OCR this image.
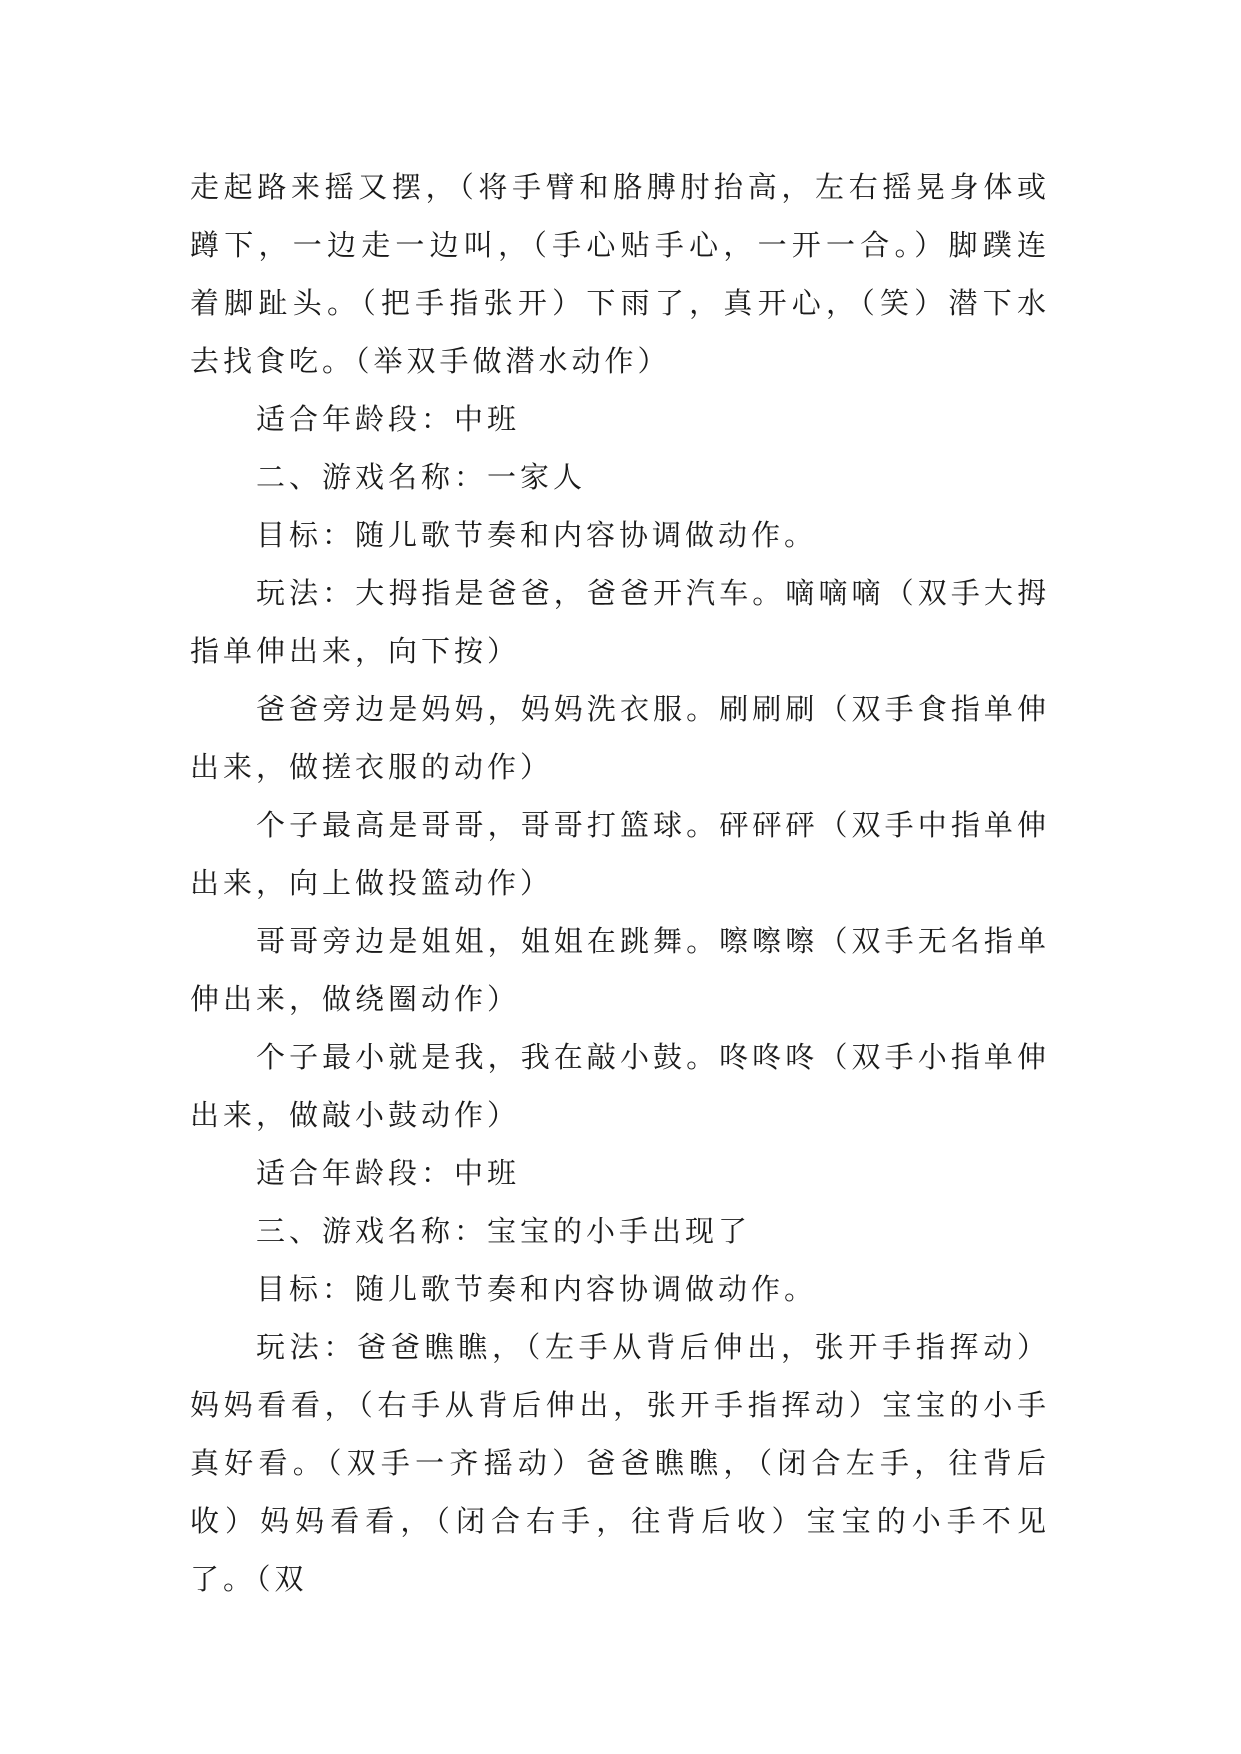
走起路来摇又摆，（将手臂和胳膊肘抬高，左右摇晃身体或蹲下，一边走一边叫，（手心贴手心，一开一合。）脚蹼连着脚趾头。（把手指张开）下雨了，真开心，（笑）潜下水去找食吃。（举双手做潜水动作）

适合年龄段：中班

二、游戏名称：一家人

目标：随儿歌节奏和内容协调做动作。

玩法：大拇指是爸爸，爸爸开汽车。嘀嘀嘀（双手大拇指单伸出来，向下按）

爸爸旁边是妈妈，妈妈洗衣服。刷刷刷（双手食指单伸出来，做搓衣服的动作）

个子最高是哥哥，哥哥打篮球。砰砰砰（双手中指单伸出来，向上做投篮动作）

哥哥旁边是姐姐，姐姐在跳舞。嚓嚓嚓（双手无名指单伸出来，做绕圈动作）

个子最小就是我，我在敲小鼓。咚咚咚（双手小指单伸出来，做敲小鼓动作）

适合年龄段：中班

三、游戏名称：宝宝的小手出现了

目标：随儿歌节奏和内容协调做动作。

玩法：爸爸瞧瞧，（左手从背后伸出，张开手指挥动）妈妈看看，（右手从背后伸出，张开手指挥动）宝宝的小手真好看。（双手一齐摇动）爸爸瞧瞧，（闭合左手，往背后收）妈妈看看，（闭合右手，往背后收）宝宝的小手不见了。（双
